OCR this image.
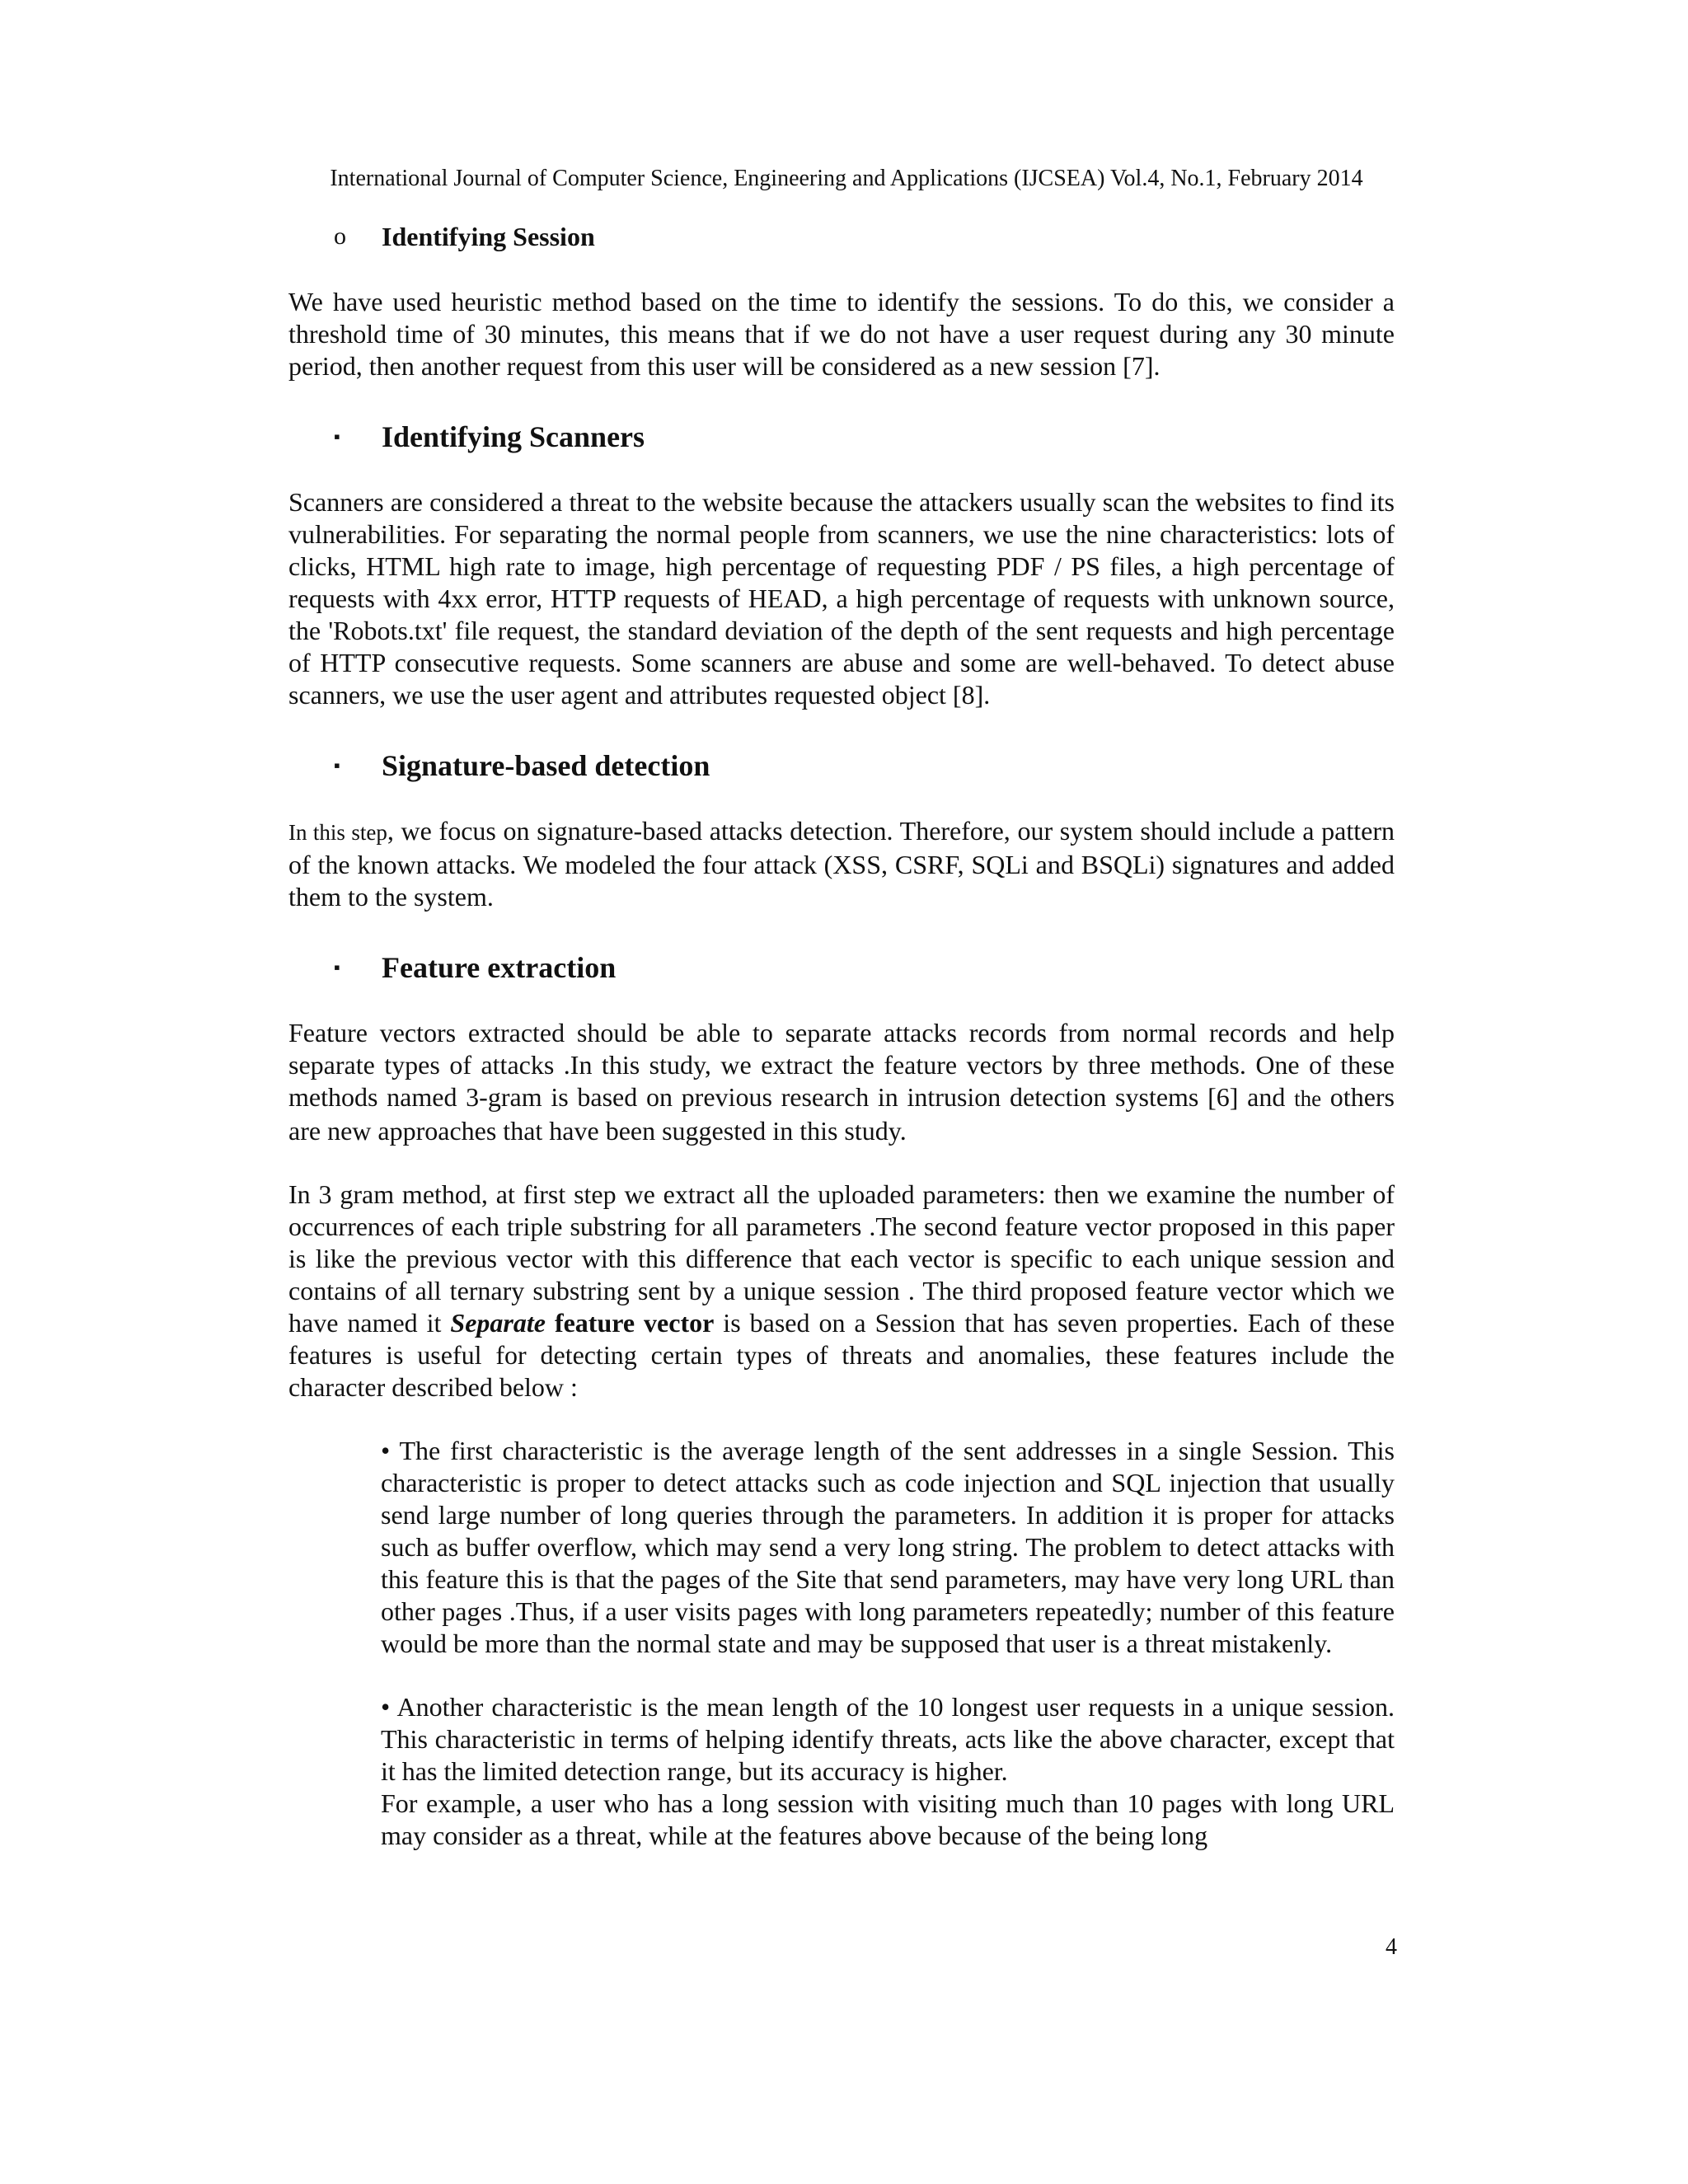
International Journal of Computer Science, Engineering and Applications (IJCSEA) Vol.4, No.1, February 2014
o	Identifying Session

We have used heuristic method based on the time to identify the sessions. To do this, we consider a threshold time of 30 minutes, this means that if we do not have a user request during any 30 minute period, then another request from this user will be considered as a new session [7].

▪	Identifying Scanners

Scanners are considered a threat to the website because the attackers usually scan the websites to find its vulnerabilities. For separating the normal people from scanners, we use the nine characteristics: lots of clicks, HTML high rate to image, high percentage of requesting PDF / PS files, a high percentage of requests with 4xx error, HTTP requests of HEAD, a high percentage of requests with unknown source, the 'Robots.txt' file request, the standard deviation of the depth of the sent requests and high percentage of HTTP consecutive requests. Some scanners are abuse and some are well-behaved. To detect abuse scanners, we use the user agent and attributes requested object [8].

▪	Signature-based detection

In this step, we focus on signature-based attacks detection. Therefore, our system should include a pattern of the known attacks. We modeled the four attack (XSS, CSRF, SQLi and BSQLi) signatures and added them to the system.

▪	Feature extraction

Feature vectors extracted should be able to separate attacks records from normal records and help separate types of attacks .In this study, we extract the feature vectors by three methods. One of these methods named 3-gram is based on previous research in intrusion detection systems [6] and the others are new approaches that have been suggested in this study.

In 3 gram method, at first step we extract all the uploaded parameters: then we examine the number of occurrences of each triple substring for all parameters .The second feature vector proposed in this paper is like the previous vector with this difference that each vector is specific to each unique session and contains of all ternary substring sent by a unique session . The third proposed feature vector which we have named it Separate feature vector is based on a Session that has seven properties. Each of these features is useful for detecting certain types of threats and anomalies, these features include the character described below :

• The first characteristic is the average length of the sent addresses in a single Session. This characteristic is proper to detect attacks such as code injection and SQL injection that usually send large number of long queries through the parameters. In addition it is proper for attacks such as buffer overflow, which may send a very long string. The problem to detect attacks with this feature this is that the pages of the Site that send parameters, may have very long URL than other pages .Thus, if a user visits pages with long parameters repeatedly; number of this feature would be more than the normal state and may be supposed that user is a threat mistakenly.

• Another characteristic is the mean length of the 10 longest user requests in a unique session. This characteristic in terms of helping identify threats, acts like the above character, except that it has the limited detection range, but its accuracy is higher.

For example, a user who has a long session with visiting much than 10 pages with long URL may consider as a threat, while at the features above because of the being long

4
